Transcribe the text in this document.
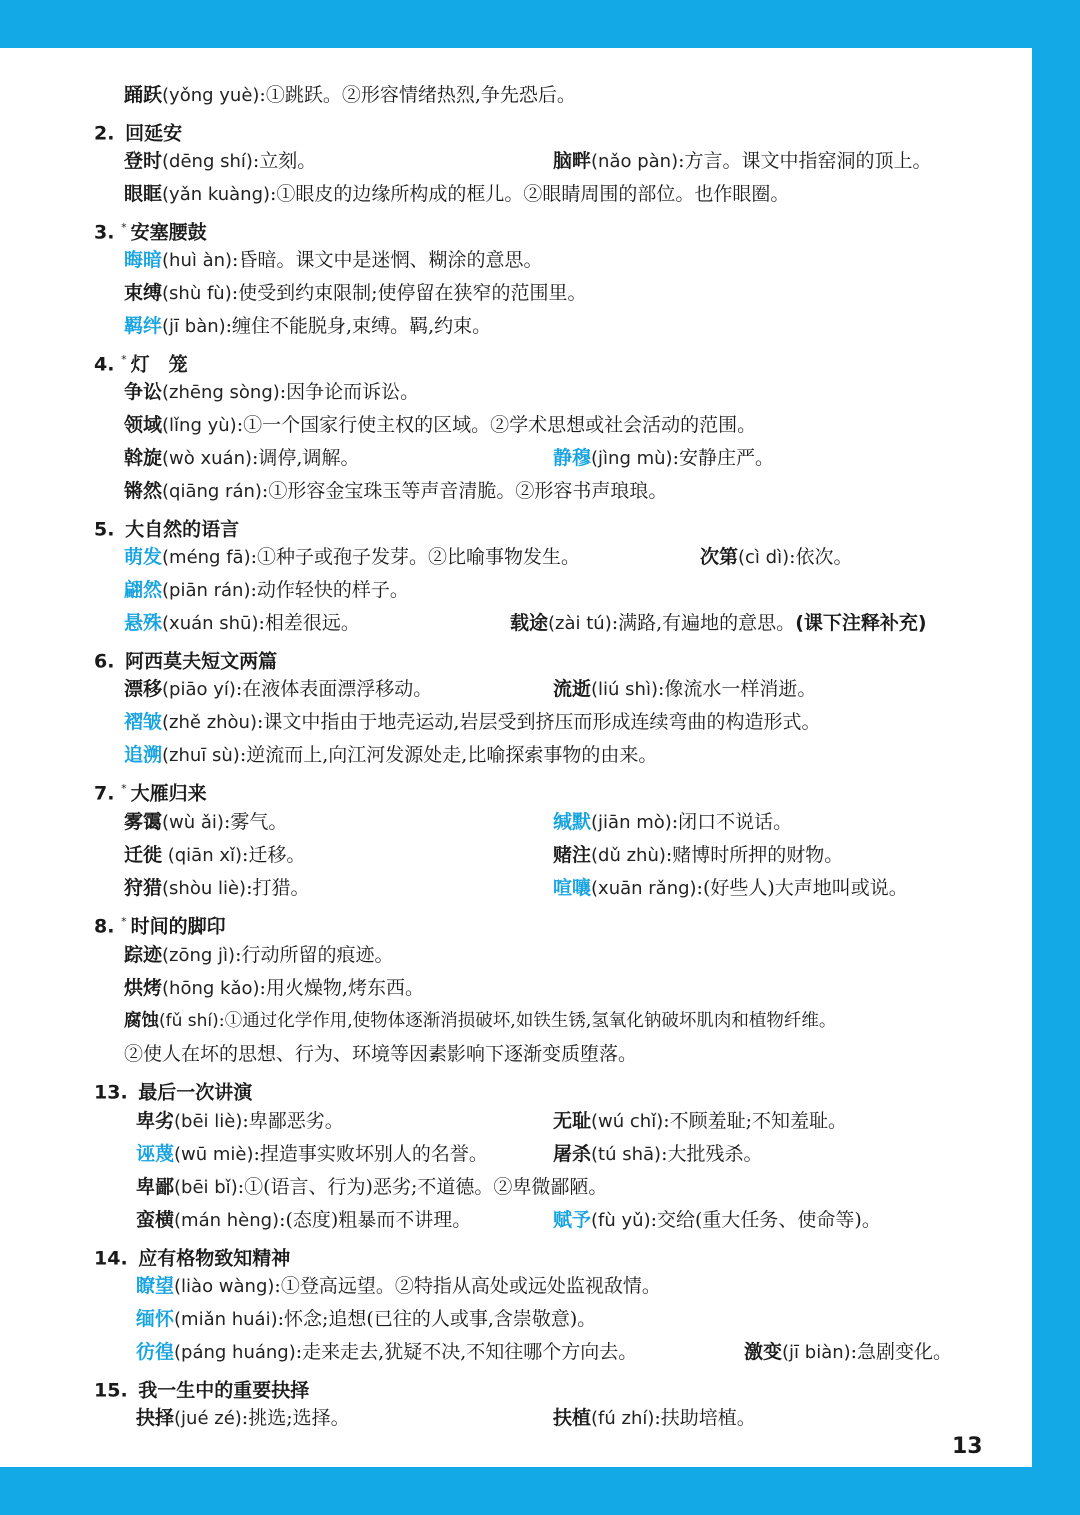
踊跃(yǒng yuè):①跳跃。②形容情绪热烈,争先恐后。
2. 回延安
登时(dēng shí):立刻。	脑畔(nǎo pàn):方言。课文中指窑洞的顶上。
眼眶(yǎn kuàng):①眼皮的边缘所构成的框儿。②眼睛周围的部位。也作眼圈。
3. * 安塞腰鼓
晦暗(huì àn):昏暗。课文中是迷惘、糊涂的意思。
束缚(shù fù):使受到约束限制;使停留在狭窄的范围里。
羁绊(jī bàn):缠住不能脱身,束缚。羁,约束。
4. * 灯　笼
争讼(zhēng sòng):因争论而诉讼。
领域(lǐng yù):①一个国家行使主权的区域。②学术思想或社会活动的范围。
斡旋(wò xuán):调停,调解。	静穆(jìng mù):安静庄严。
锵然(qiāng rán):①形容金宝珠玉等声音清脆。②形容书声琅琅。
5. 大自然的语言
萌发(méng fā):①种子或孢子发芽。②比喻事物发生。	次第(cì dì):依次。
翩然(piān rán):动作轻快的样子。
悬殊(xuán shū):相差很远。	载途(zài tú):满路,有遍地的意思。(课下注释补充)
6. 阿西莫夫短文两篇
漂移(piāo yí):在液体表面漂浮移动。	流逝(liú shì):像流水一样消逝。
褶皱(zhě zhòu):课文中指由于地壳运动,岩层受到挤压而形成连续弯曲的构造形式。
追溯(zhuī sù):逆流而上,向江河发源处走,比喻探索事物的由来。
7. * 大雁归来
雾霭(wù ǎi):雾气。	缄默(jiān mò):闭口不说话。
迁徙 (qiān xǐ):迁移。	赌注(dǔ zhù):赌博时所押的财物。
狩猎(shòu liè):打猎。	喧嚷(xuān rǎng):(好些人)大声地叫或说。
8. * 时间的脚印
踪迹(zōng jì):行动所留的痕迹。
烘烤(hōng kǎo):用火燥物,烤东西。
腐蚀(fǔ shí):①通过化学作用,使物体逐渐消损破坏,如铁生锈,氢氧化钠破坏肌肉和植物纤维。
②使人在坏的思想、行为、环境等因素影响下逐渐变质堕落。
13. 最后一次讲演
卑劣(bēi liè):卑鄙恶劣。	无耻(wú chǐ):不顾羞耻;不知羞耻。
诬蔑(wū miè):捏造事实败坏别人的名誉。	屠杀(tú shā):大批残杀。
卑鄙(bēi bǐ):①(语言、行为)恶劣;不道德。②卑微鄙陋。
蛮横(mán hèng):(态度)粗暴而不讲理。	赋予(fù yǔ):交给(重大任务、使命等)。
14. 应有格物致知精神
瞭望(liào wàng):①登高远望。②特指从高处或远处监视敌情。
缅怀(miǎn huái):怀念;追想(已往的人或事,含崇敬意)。
彷徨(páng huáng):走来走去,犹疑不决,不知往哪个方向去。	激变(jī biàn):急剧变化。
15. 我一生中的重要抉择
抉择(jué zé):挑选;选择。	扶植(fú zhí):扶助培植。
13
